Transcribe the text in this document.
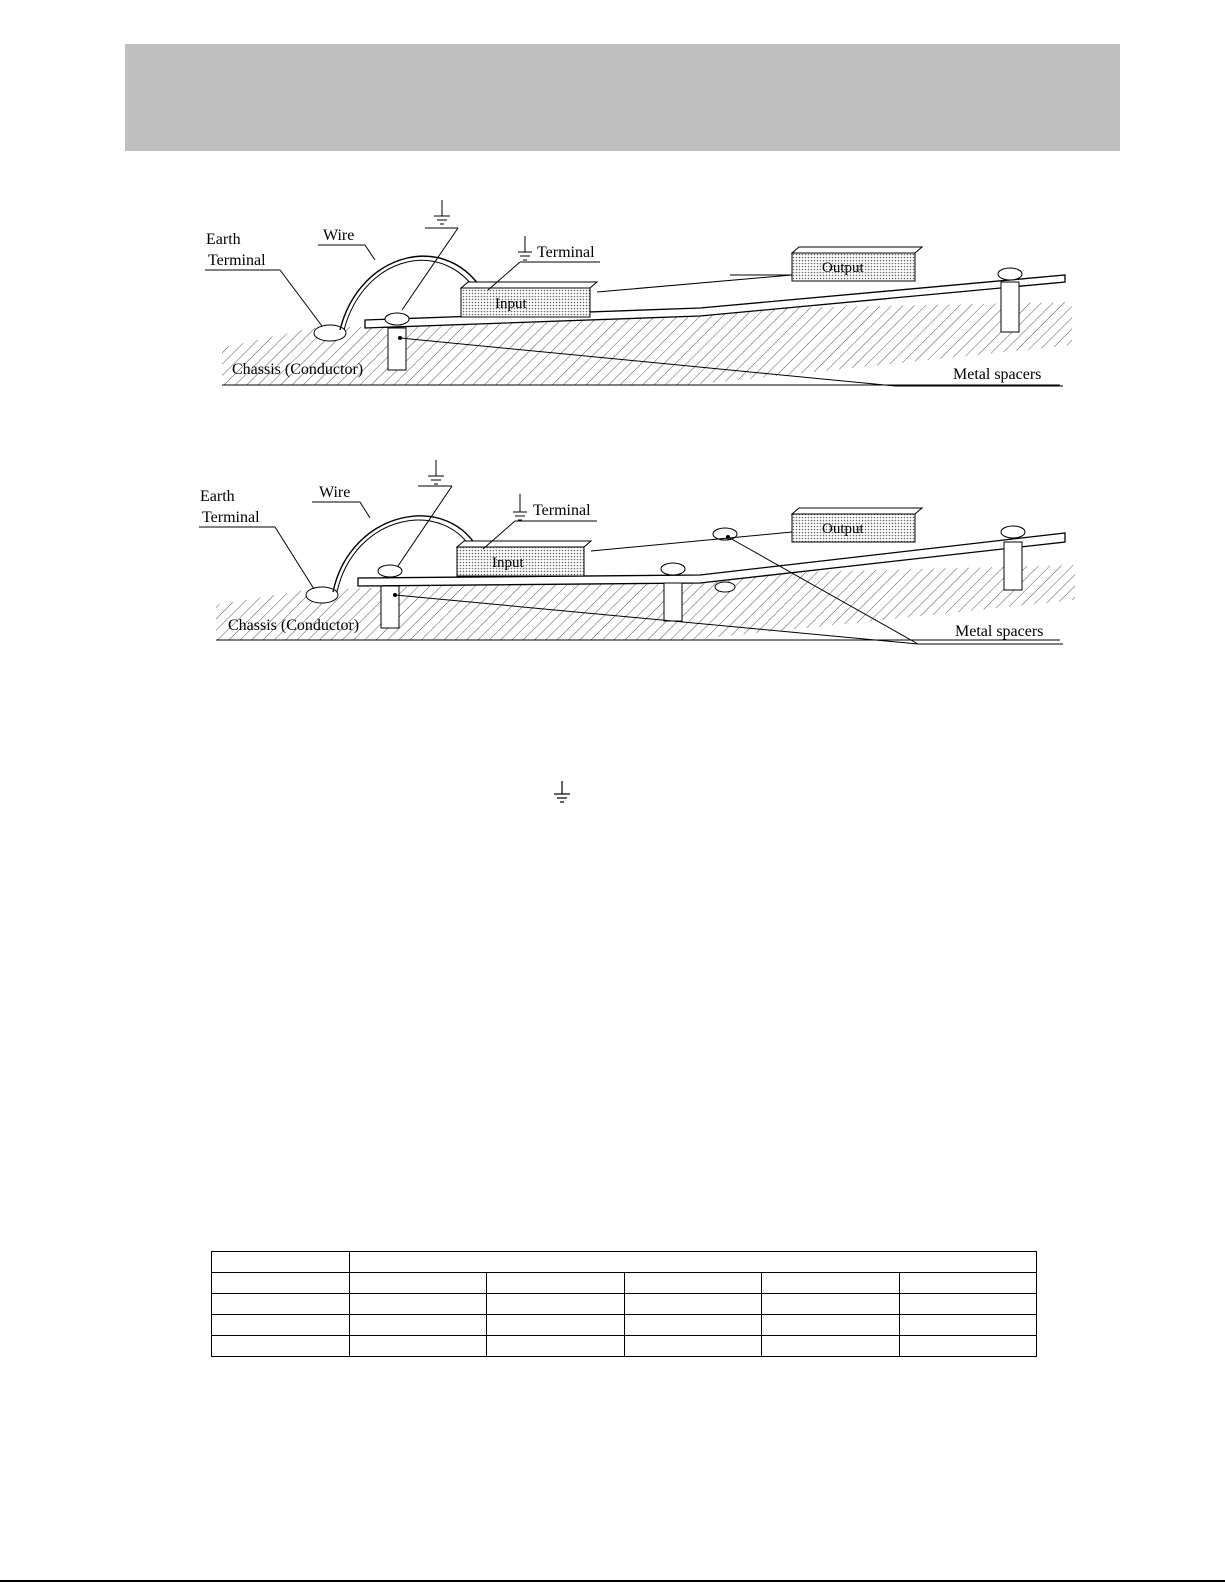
Input
Output
Terminal
Wire
Earth
Terminal
Chassis (Conductor)	Metal spacers
Input
Output
Terminal
Wire
Earth
Terminal
Chassis (Conductor)	Metal spacers
